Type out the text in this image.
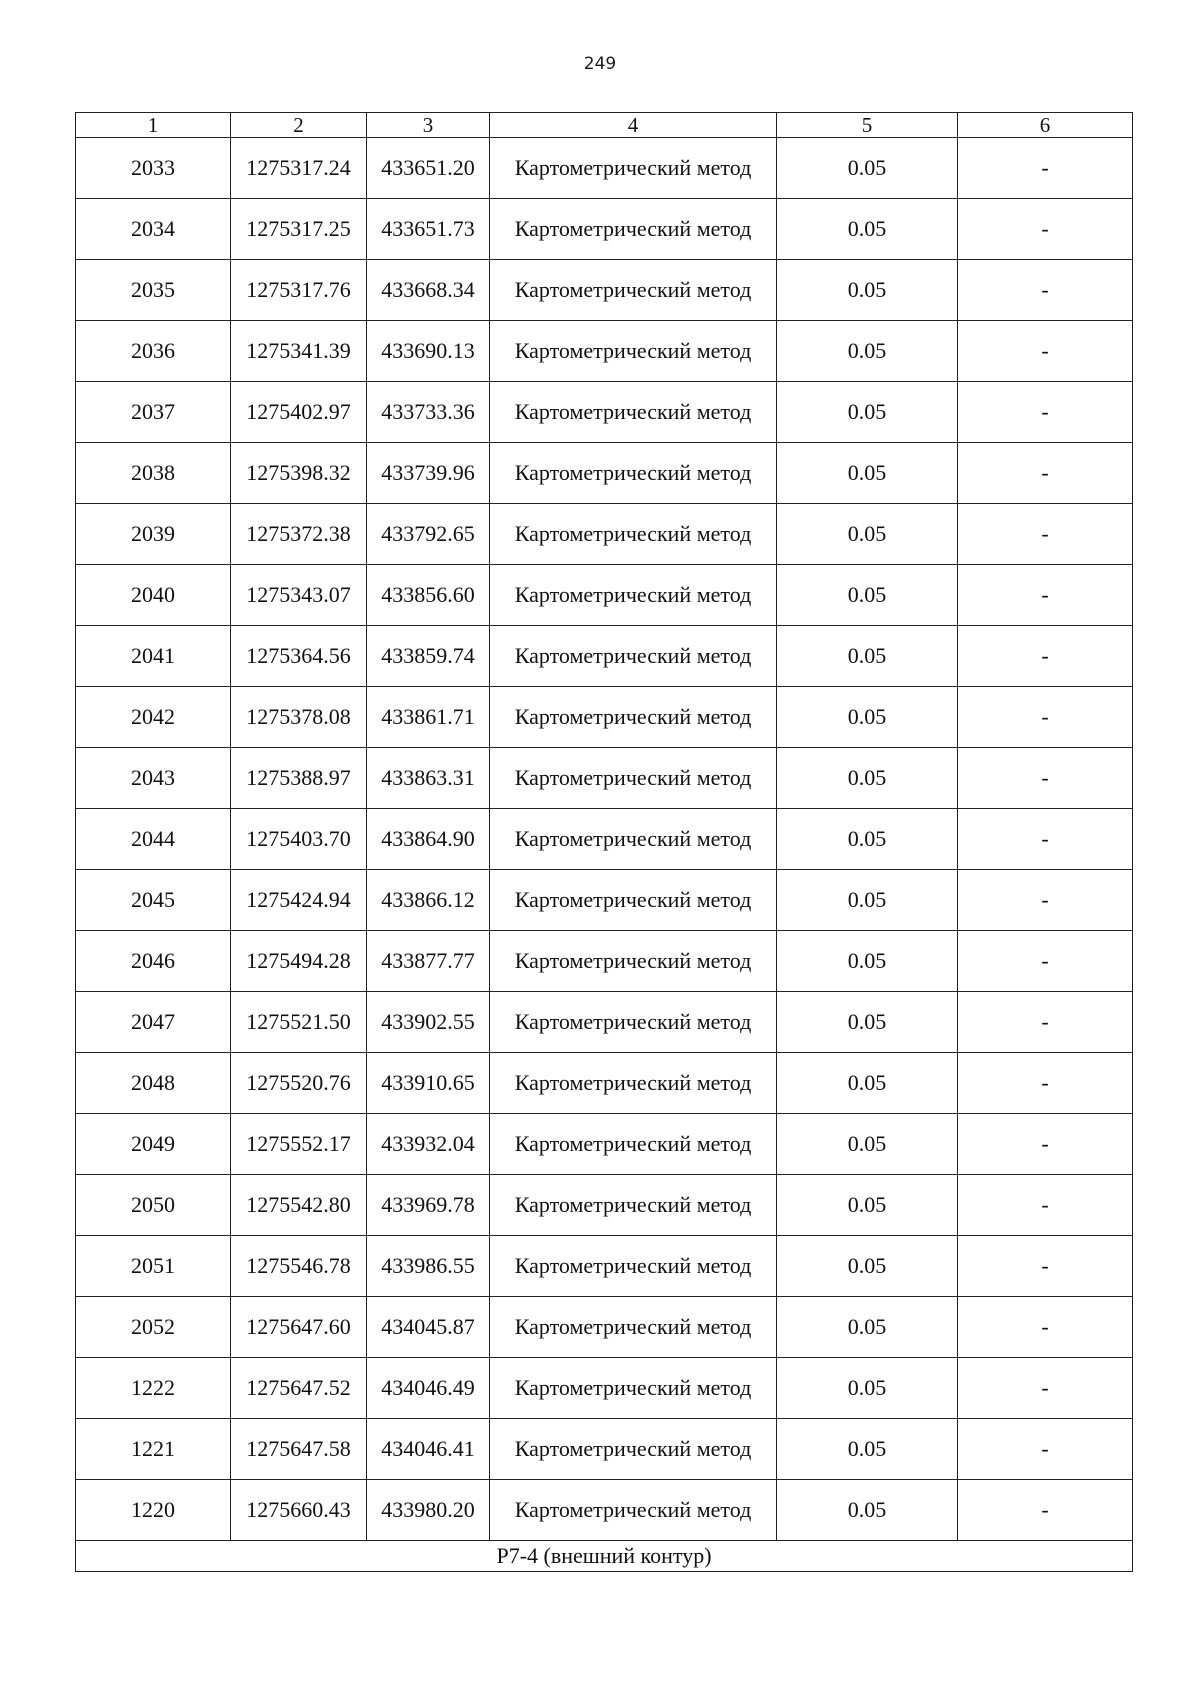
249
1	2	3	4	5	6
2033	1275317.24	433651.20	Картометрический метод	0.05	-
2034	1275317.25	433651.73	Картометрический метод	0.05	-
2035	1275317.76	433668.34	Картометрический метод	0.05	-
2036	1275341.39	433690.13	Картометрический метод	0.05	-
2037	1275402.97	433733.36	Картометрический метод	0.05	-
2038	1275398.32	433739.96	Картометрический метод	0.05	-
2039	1275372.38	433792.65	Картометрический метод	0.05	-
2040	1275343.07	433856.60	Картометрический метод	0.05	-
2041	1275364.56	433859.74	Картометрический метод	0.05	-
2042	1275378.08	433861.71	Картометрический метод	0.05	-
2043	1275388.97	433863.31	Картометрический метод	0.05	-
2044	1275403.70	433864.90	Картометрический метод	0.05	-
2045	1275424.94	433866.12	Картометрический метод	0.05	-
2046	1275494.28	433877.77	Картометрический метод	0.05	-
2047	1275521.50	433902.55	Картометрический метод	0.05	-
2048	1275520.76	433910.65	Картометрический метод	0.05	-
2049	1275552.17	433932.04	Картометрический метод	0.05	-
2050	1275542.80	433969.78	Картометрический метод	0.05	-
2051	1275546.78	433986.55	Картометрический метод	0.05	-
2052	1275647.60	434045.87	Картометрический метод	0.05	-
1222	1275647.52	434046.49	Картометрический метод	0.05	-
1221	1275647.58	434046.41	Картометрический метод	0.05	-
1220	1275660.43	433980.20	Картометрический метод	0.05	-
Р7-4 (внешний контур)					
